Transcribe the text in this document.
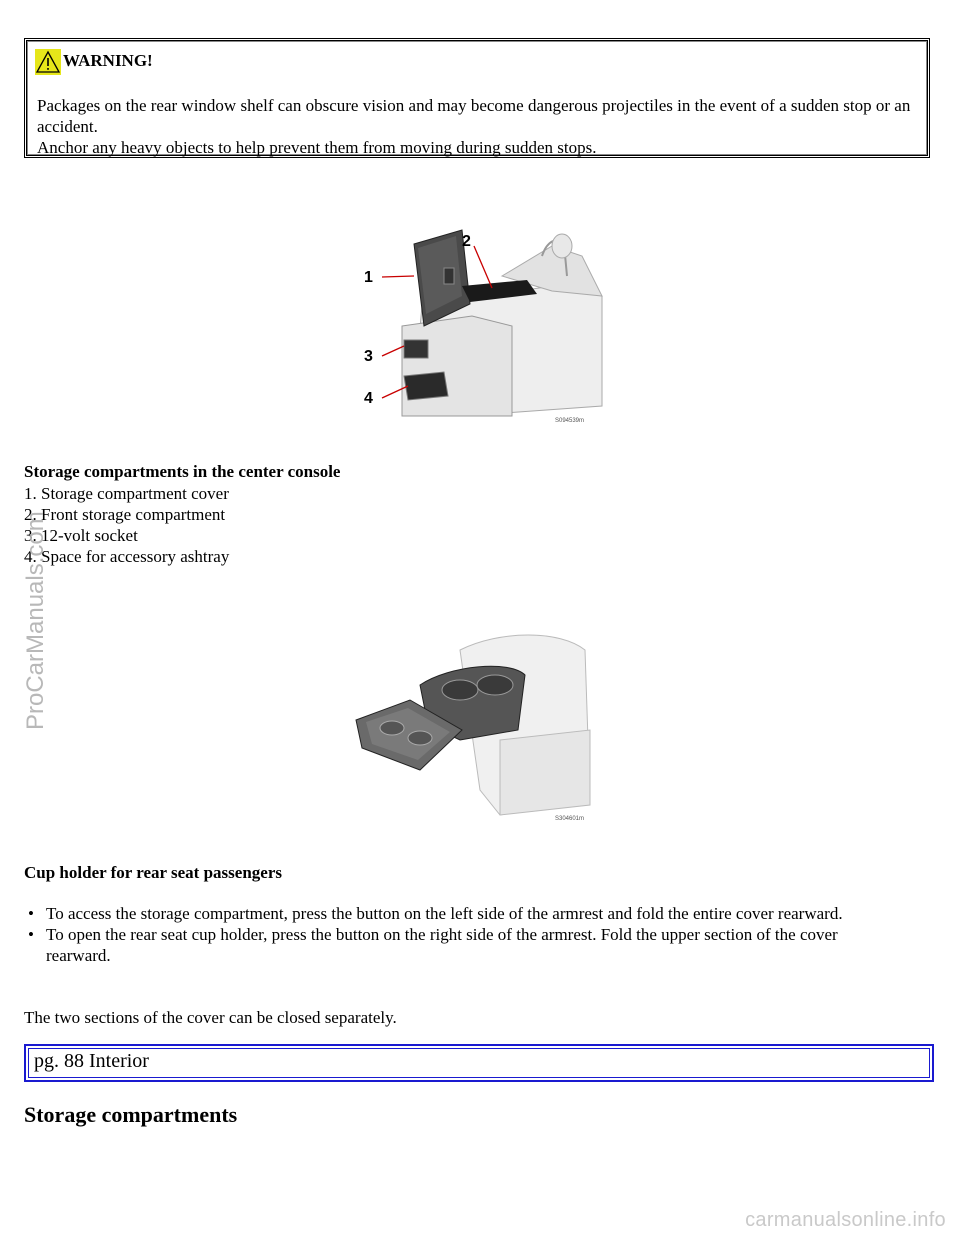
WARNING!
Packages on the rear window shelf can obscure vision and may become dangerous projectiles in the event of a sudden stop or an accident.
Anchor any heavy objects to help prevent them from moving during sudden stops.
1
2
3
4
S094539m
Storage compartments in the center console
1. Storage compartment cover
2. Front storage compartment
3. 12-volt socket
4. Space for accessory ashtray
S304601m
Cup holder for rear seat passengers
• To access the storage compartment, press the button on the left side of the armrest and fold the entire cover rearward.
• To open the rear seat cup holder, press the button on the right side of the armrest. Fold the upper section of the cover rearward.
The two sections of the cover can be closed separately.
pg. 88 Interior
Storage compartments
ProCarManuals.com
carmanualsonline.info
